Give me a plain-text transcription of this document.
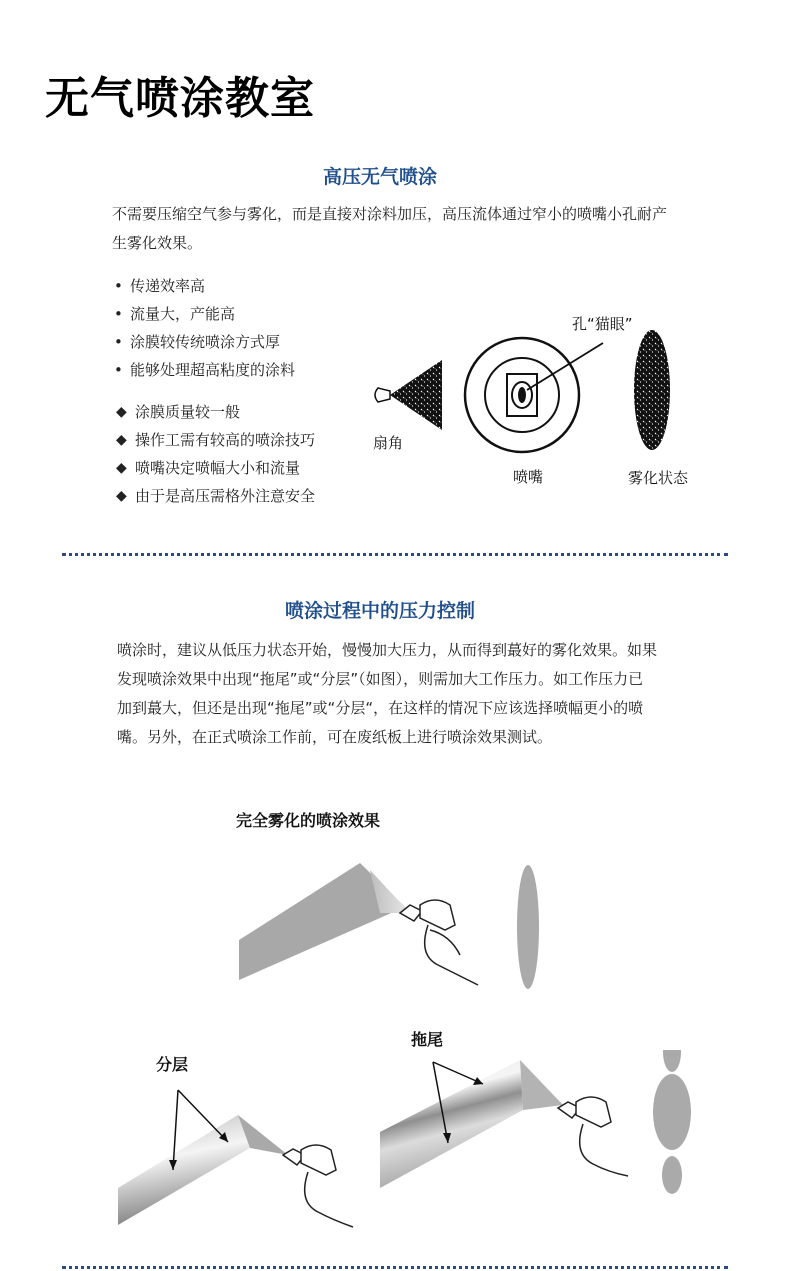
无气喷涂教室
高压无气喷涂
不需要压缩空气参与雾化，而是直接对涂料加压，高压流体通过窄小的喷嘴小孔耐产生雾化效果。
• 传递效率高
• 流量大，产能高
• 涂膜较传统喷涂方式厚
• 能够处理超高粘度的涂料
◆ 涂膜质量较一般
◆ 操作工需有较高的喷涂技巧
◆ 喷嘴决定喷幅大小和流量
◆ 由于是高压需格外注意安全
扇角
喷嘴
孔“猫眼”
雾化状态
喷涂过程中的压力控制
喷涂时，建议从低压力状态开始，慢慢加大压力，从而得到蕞好的雾化效果。如果发现喷涂效果中出现“拖尾”或“分层”（如图），则需加大工作压力。如工作压力已加到蕞大，但还是出现“拖尾”或“分层“，在这样的情况下应该选择喷幅更小的喷嘴。另外，在正式喷涂工作前，可在废纸板上进行喷涂效果测试。
完全雾化的喷涂效果
拖尾
分层
